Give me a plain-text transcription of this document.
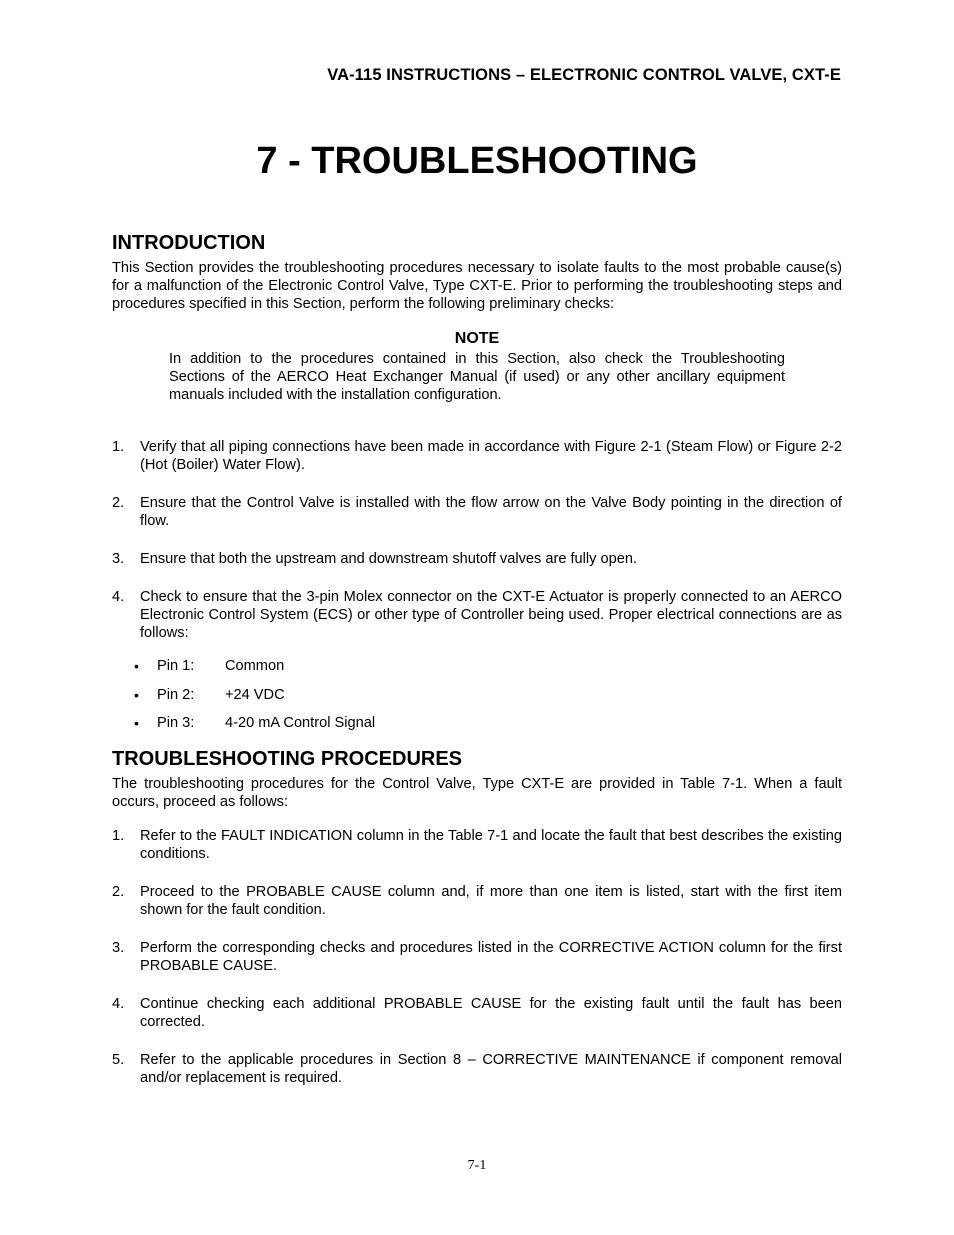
VA-115 INSTRUCTIONS – ELECTRONIC CONTROL VALVE, CXT-E
7 - TROUBLESHOOTING
INTRODUCTION

This Section provides the troubleshooting procedures necessary to isolate faults to the most probable cause(s) for a malfunction of the Electronic Control Valve, Type CXT-E. Prior to performing the troubleshooting steps and procedures specified in this Section, perform the following preliminary checks:

NOTE

In addition to the procedures contained in this Section, also check the Troubleshooting Sections of the AERCO Heat Exchanger Manual (if used) or any other ancillary equipment manuals included with the installation configuration.

1.	Verify that all piping connections have been made in accordance with Figure 2-1 (Steam Flow) or Figure 2-2 (Hot (Boiler) Water Flow).
2.	Ensure that the Control Valve is installed with the flow arrow on the Valve Body pointing in the direction of flow.
3.	Ensure that both the upstream and downstream shutoff valves are fully open.
4.	Check to ensure that the 3-pin Molex connector on the CXT-E Actuator is properly connected to an AERCO Electronic Control System (ECS) or other type of Controller being used. Proper electrical connections are as follows:
•	Pin 1:	Common
•	Pin 2:	+24 VDC
•	Pin 3:	4-20 mA Control Signal
TROUBLESHOOTING PROCEDURES

The troubleshooting procedures for the Control Valve, Type CXT-E are provided in Table 7-1. When a fault occurs, proceed as follows:

1.	Refer to the FAULT INDICATION column in the Table 7-1 and locate the fault that best describes the existing conditions.
2.	Proceed to the PROBABLE CAUSE column and, if more than one item is listed, start with the first item shown for the fault condition.
3.	Perform the corresponding checks and procedures listed in the CORRECTIVE ACTION column for the first PROBABLE CAUSE.
4.	Continue checking each additional PROBABLE CAUSE for the existing fault until the fault has been corrected.
5.	Refer to the applicable procedures in Section 8 – CORRECTIVE MAINTENANCE if component removal and/or replacement is required.
7-1
